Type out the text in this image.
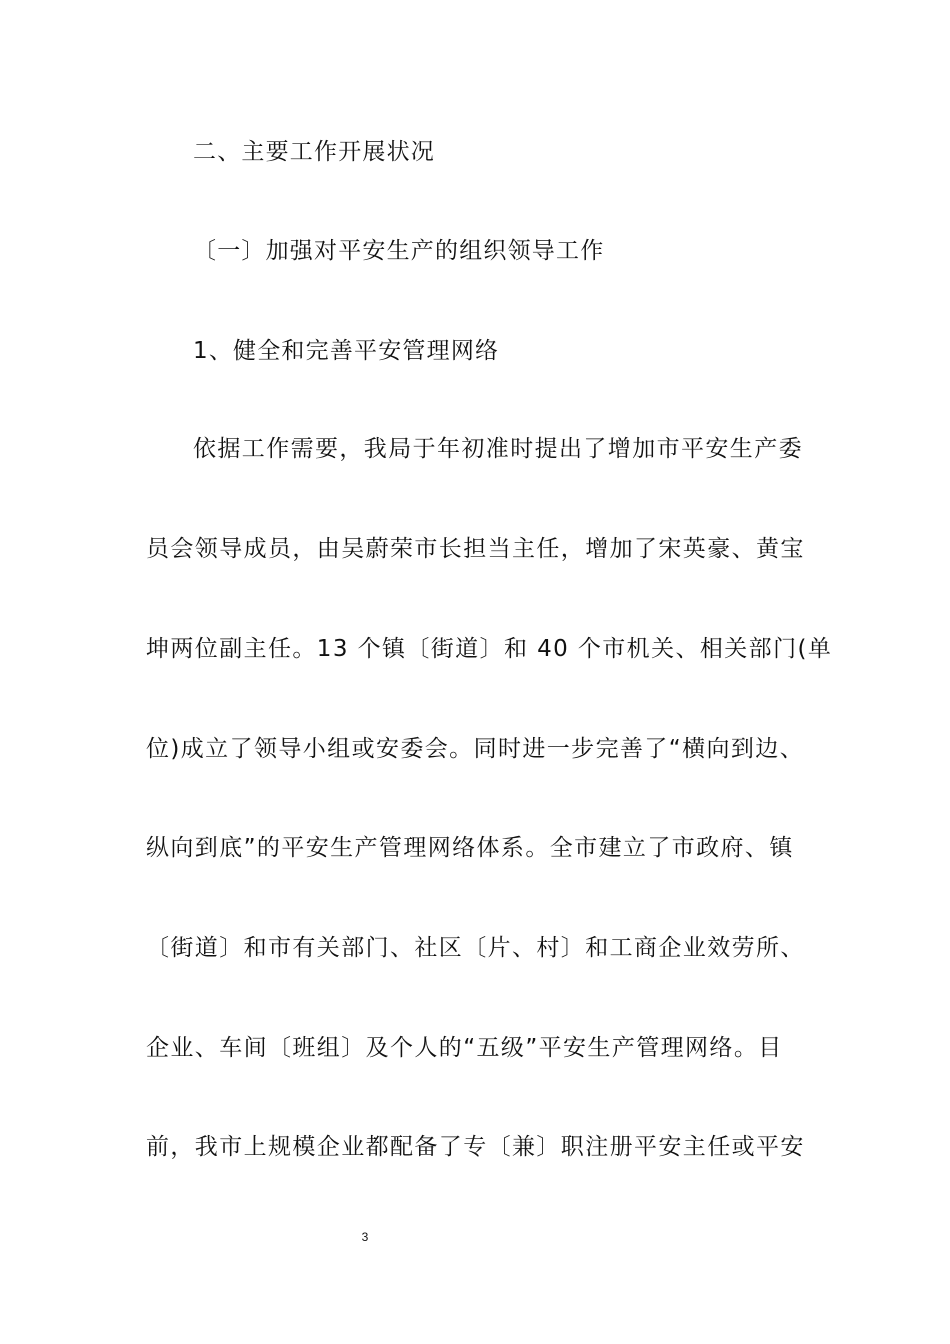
二、主要工作开展状况
〔一〕加强对平安生产的组织领导工作
1、健全和完善平安管理网络
依据工作需要，我局于年初准时提出了增加市平安生产委
员会领导成员，由吴蔚荣市长担当主任，增加了宋英豪、黄宝
坤两位副主任。13 个镇〔街道〕和 40 个市机关、相关部门(单
位)成立了领导小组或安委会。同时进一步完善了“横向到边、
纵向到底”的平安生产管理网络体系。全市建立了市政府、镇
〔街道〕和市有关部门、社区〔片、村〕和工商企业效劳所、
企业、车间〔班组〕及个人的“五级”平安生产管理网络。目
前，我市上规模企业都配备了专〔兼〕职注册平安主任或平安
3
